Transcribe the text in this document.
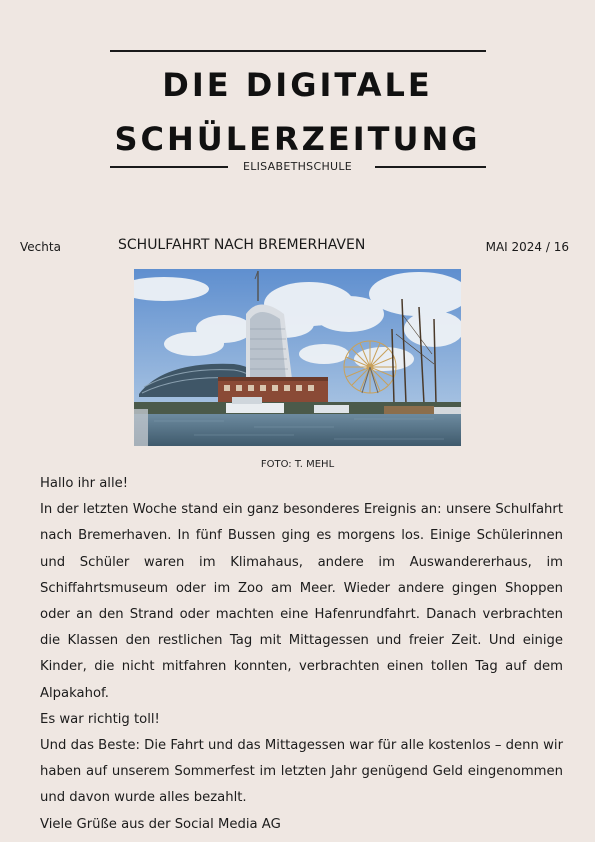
DIE DIGITALE
SCHÜLERZEITUNG
ELISABETHSCHULE
Vechta	SCHULFAHRT NACH BREMERHAVEN	MAI 2024 / 16
FOTO: T. MEHL

Hallo ihr alle!

In der letzten Woche stand ein ganz besonderes Ereignis an: unsere Schulfahrt nach Bremerhaven. In fünf Bussen ging es morgens los. Einige Schülerinnen und Schüler waren im Klimahaus, andere im Auswandererhaus, im Schiffahrtsmuseum oder im Zoo am Meer. Wieder andere gingen Shoppen oder an den Strand oder machten eine Hafenrundfahrt. Danach verbrachten die Klassen den restlichen Tag mit Mittagessen und freier Zeit. Und einige Kinder, die nicht mitfahren konnten, verbrachten einen tollen Tag auf dem Alpakahof.

Es war richtig toll!

Und das Beste: Die Fahrt und das Mittagessen war für alle kostenlos – denn wir haben auf unserem Sommerfest im letzten Jahr genügend Geld eingenommen und davon wurde alles bezahlt.

Viele Grüße aus der Social Media AG
